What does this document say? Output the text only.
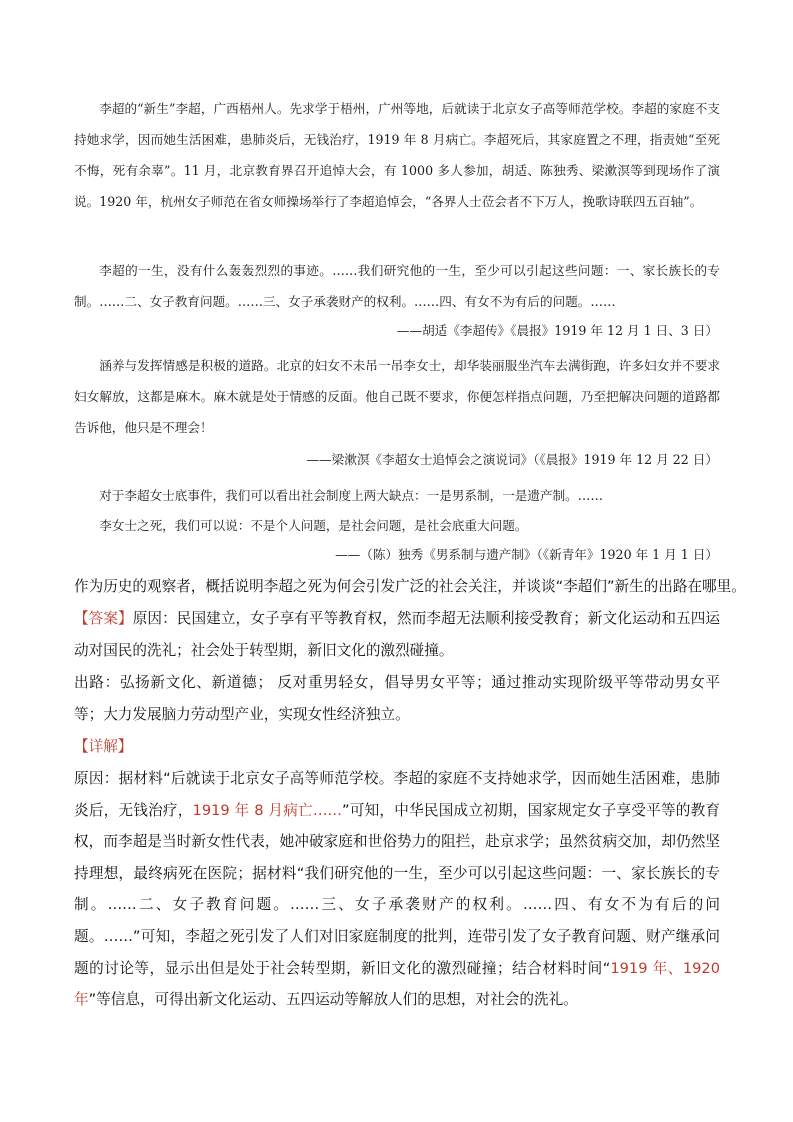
李超的“新生”李超，广西梧州人。先求学于梧州，广州等地，后就读于北京女子高等师范学校。李超的家庭不支持她求学，因而她生活困难，患肺炎后，无钱治疗，1919 年 8 月病亡。李超死后，其家庭置之不理，指责她“至死不悔，死有余辜”。11 月，北京教育界召开追悼大会，有 1000 多人参加，胡适、陈独秀、梁漱溟等到现场作了演说。1920 年，杭州女子师范在省女师操场举行了李超追悼会，“各界人士莅会者不下万人，挽歌诗联四五百轴”。

李超的一生，没有什么轰轰烈烈的事迹。……我们研究他的一生，至少可以引起这些问题：一、家长族长的专制。……二、女子教育问题。……三、女子承袭财产的权利。……四、有女不为有后的问题。……

——胡适《李超传》《晨报》1919 年 12 月 1 日、3 日）

涵养与发挥情感是积极的道路。北京的妇女不未吊一吊李女士，却华装丽服坐汽车去满街跑，许多妇女并不要求妇女解放，这都是麻木。麻木就是处于情感的反面。他自己既不要求，你便怎样指点问题，乃至把解决问题的道路都告诉他，他只是不理会！

——梁漱溟《李超女士追悼会之演说词》（《晨报》1919 年 12 月 22 日）

对于李超女士底事件，我们可以看出社会制度上两大缺点：一是男系制，一是遗产制。……

李女士之死，我们可以说：不是个人问题，是社会问题，是社会底重大问题。

——（陈）独秀《男系制与遗产制》（《新青年》1920 年 1 月 1 日）

作为历史的观察者，概括说明李超之死为何会引发广泛的社会关注，并谈谈“李超们”新生的出路在哪里。

【答案】原因：民国建立，女子享有平等教育权，然而李超无法顺利接受教育；新文化运动和五四运动对国民的洗礼；社会处于转型期，新旧文化的激烈碰撞。
出路：弘扬新文化、新道德； 反对重男轻女，倡导男女平等；通过推动实现阶级平等带动男女平等；大力发展脑力劳动型产业，实现女性经济独立。
【详解】
原因：据材料“后就读于北京女子高等师范学校。李超的家庭不支持她求学，因而她生活困难，患肺炎后，无钱治疗，1919 年 8 月病亡……”可知，中华民国成立初期，国家规定女子享受平等的教育权，而李超是当时新女性代表，她冲破家庭和世俗势力的阻拦，赴京求学；虽然贫病交加，却仍然坚持理想，最终病死在医院；据材料“我们研究他的一生，至少可以引起这些问题：一、家长族长的专制。……二、女子教育问题。……三、女子承袭财产的权利。……四、有女不为有后的问题。……”可知，李超之死引发了人们对旧家庭制度的批判，连带引发了女子教育问题、财产继承问题的讨论等，显示出但是处于社会转型期，新旧文化的激烈碰撞；结合材料时间“1919 年、1920 年”等信息，可得出新文化运动、五四运动等解放人们的思想，对社会的洗礼。
